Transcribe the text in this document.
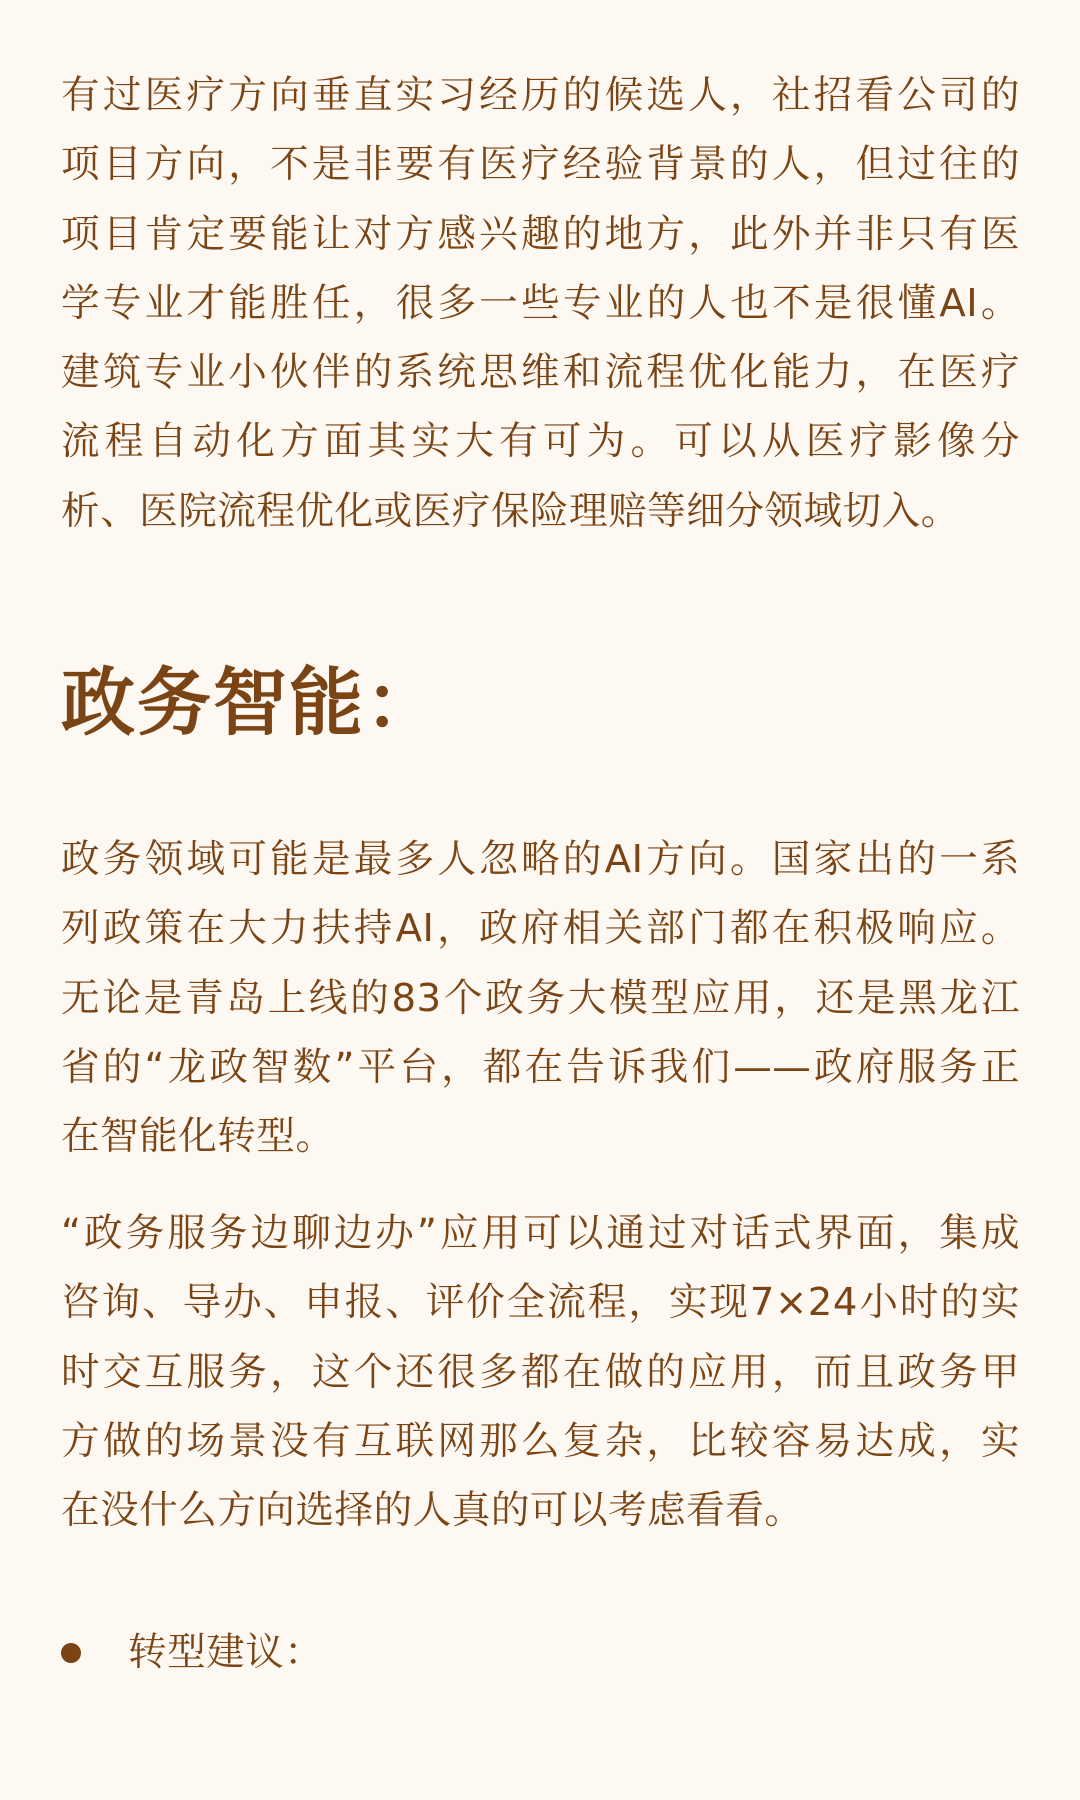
有过医疗方向垂直实习经历的候选人，社招看公司的
项目方向，不是非要有医疗经验背景的人，但过往的
项目肯定要能让对方感兴趣的地方，此外并非只有医
学专业才能胜任，很多一些专业的人也不是很懂AI。
建筑专业小伙伴的系统思维和流程优化能力，在医疗
流程自动化方面其实大有可为。可以从医疗影像分
析、医院流程优化或医疗保险理赔等细分领域切入。
政务智能：
政务领域可能是最多人忽略的AI方向。国家出的一系
列政策在大力扶持AI，政府相关部门都在积极响应。
无论是青岛上线的83个政务大模型应用，还是黑龙江
省的“龙政智数”平台，都在告诉我们——政府服务正
在智能化转型。
“政务服务边聊边办”应用可以通过对话式界面，集成
咨询、导办、申报、评价全流程，实现7×24小时的实
时交互服务，这个还很多都在做的应用，而且政务甲
方做的场景没有互联网那么复杂，比较容易达成，实
在没什么方向选择的人真的可以考虑看看。
转型建议：
